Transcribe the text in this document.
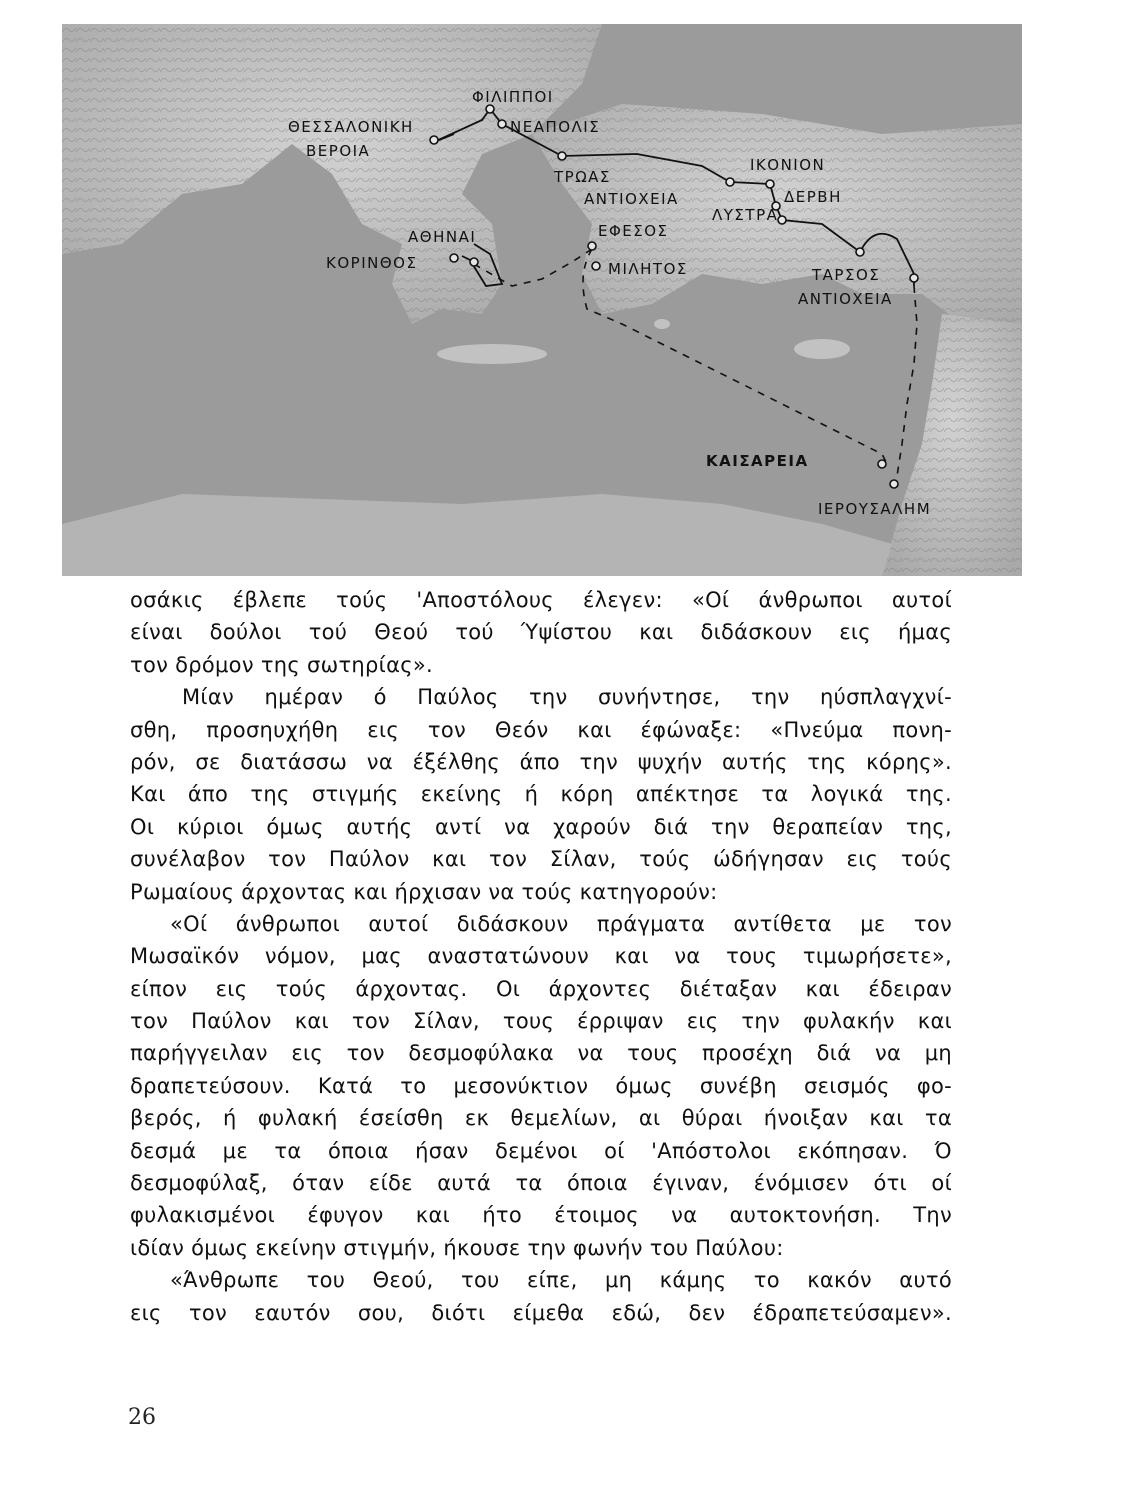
ΦΙΛΙΠΠΟΙ
ΝΕΑΠΟΛΙΣ
ΘΕΣΣΑΛΟΝΙΚΗ
ΒΕΡΟΙΑ
ΤΡΩΑΣ
ΑΝΤΙΟΧΕΙΑ
ΙΚΟΝΙΟΝ
ΔΕΡΒΗ
ΛΥΣΤΡΑ
ΕΦΕΣΟΣ
ΑΘΗΝΑΙ
ΚΟΡΙΝΘΟΣ	ΜΙΛΗΤΟΣ	ΤΑΡΣΟΣ
ΑΝΤΙΟΧΕΙΑ
ΚΑΙΣΑΡΕΙΑ
ΙΕΡΟΥΣΑΛΗΜ
οσάκις έβλεπε τούς 'Αποστόλους έλεγεν: «Οί άνθρωποι αυτοί
είναι δούλοι τού Θεού τού Ύψίστου και διδάσκουν εις ήμας
τον δρόμον της σωτηρίας».
Μίαν ημέραν ό Παύλος την συνήντησε, την ηύσπλαγχνί-
σθη, προσηυχήθη εις τον Θεόν και έφώναξε: «Πνεύμα πονη-
ρόν, σε διατάσσω να έξέλθης άπο την ψυχήν αυτής της κόρης».
Και άπο της στιγμής εκείνης ή κόρη απέκτησε τα λογικά της.
Οι κύριοι όμως αυτής αντί να χαρούν διά την θεραπείαν της,
συνέλαβον τον Παύλον και τον Σίλαν, τούς ώδήγησαν εις τούς
Ρωμαίους άρχοντας και ήρχισαν να τούς κατηγορούν:
«Οί άνθρωποι αυτοί διδάσκουν πράγματα αντίθετα με τον
Μωσαϊκόν νόμον, μας αναστατώνουν και να τους τιμωρήσετε»,
είπον εις τούς άρχοντας. Οι άρχοντες διέταξαν και έδειραν
τον Παύλον και τον Σίλαν, τους έρριψαν εις την φυλακήν και
παρήγγειλαν εις τον δεσμοφύλακα να τους προσέχη διά να μη
δραπετεύσουν. Κατά το μεσονύκτιον όμως συνέβη σεισμός φο-
βερός, ή φυλακή έσείσθη εκ θεμελίων, αι θύραι ήνοιξαν και τα
δεσμά με τα όποια ήσαν δεμένοι οί 'Απόστολοι εκόπησαν. Ό
δεσμοφύλαξ, όταν είδε αυτά τα όποια έγιναν, ένόμισεν ότι οί
φυλακισμένοι έφυγον και ήτο έτοιμος να αυτοκτονήση. Την
ιδίαν όμως εκείνην στιγμήν, ήκουσε την φωνήν του Παύλου:
«Άνθρωπε του Θεού, του είπε, μη κάμης το κακόν αυτό
εις τον εαυτόν σου, διότι είμεθα εδώ, δεν έδραπετεύσαμεν».
26
